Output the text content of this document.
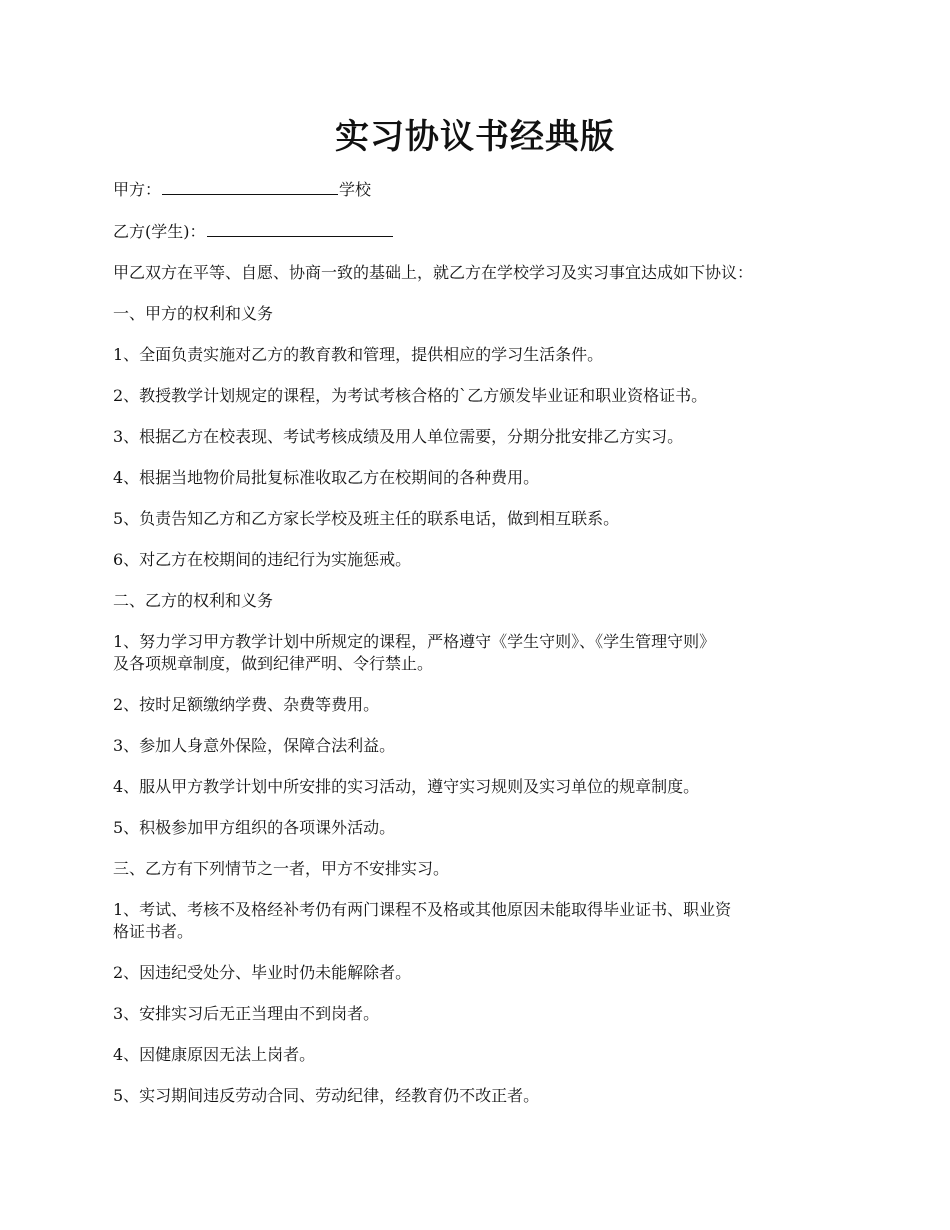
实习协议书经典版

甲方：	学校

乙方(学生)：

甲乙双方在平等、自愿、协商一致的基础上，就乙方在学校学习及实习事宜达成如下协议：

一、甲方的权利和义务

1、全面负责实施对乙方的教育教和管理，提供相应的学习生活条件。

2、教授教学计划规定的课程，为考试考核合格的`乙方颁发毕业证和职业资格证书。

3、根据乙方在校表现、考试考核成绩及用人单位需要，分期分批安排乙方实习。

4、根据当地物价局批复标准收取乙方在校期间的各种费用。

5、负责告知乙方和乙方家长学校及班主任的联系电话，做到相互联系。

6、对乙方在校期间的违纪行为实施惩戒。

二、乙方的权利和义务

1、努力学习甲方教学计划中所规定的课程，严格遵守《学生守则》、《学生管理守则》
及各项规章制度，做到纪律严明、令行禁止。

2、按时足额缴纳学费、杂费等费用。

3、参加人身意外保险，保障合法利益。

4、服从甲方教学计划中所安排的实习活动，遵守实习规则及实习单位的规章制度。

5、积极参加甲方组织的各项课外活动。

三、乙方有下列情节之一者，甲方不安排实习。

1、考试、考核不及格经补考仍有两门课程不及格或其他原因未能取得毕业证书、职业资
格证书者。

2、因违纪受处分、毕业时仍未能解除者。

3、安排实习后无正当理由不到岗者。

4、因健康原因无法上岗者。

5、实习期间违反劳动合同、劳动纪律，经教育仍不改正者。
